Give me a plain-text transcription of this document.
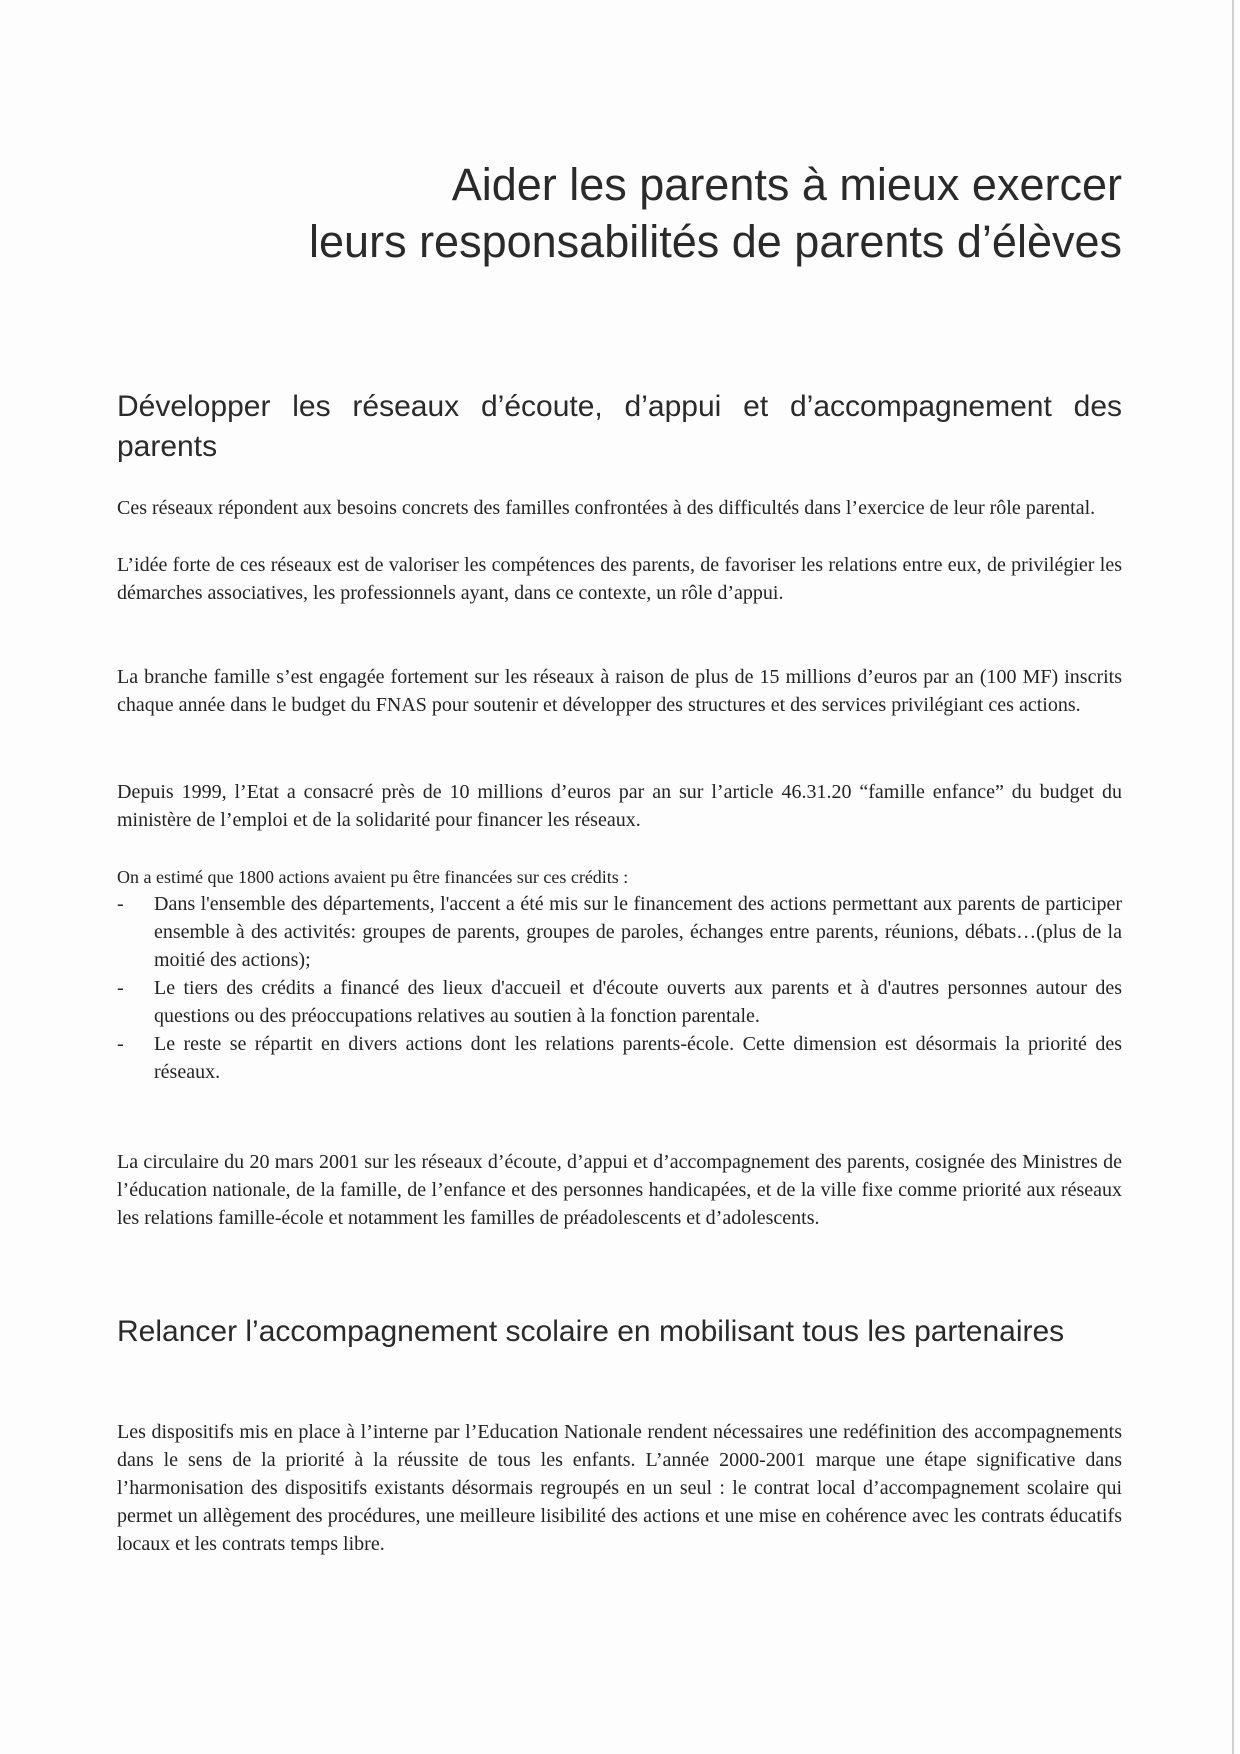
Aider les parents à mieux exercer
leurs responsabilités de parents d’élèves
Développer les réseaux d’écoute, d’appui et d’accompagnement des parents

Ces réseaux répondent aux besoins concrets des familles confrontées à des difficultés dans l’exercice de leur rôle parental.

L’idée forte de ces réseaux est de valoriser les compétences des parents, de favoriser les relations entre eux, de privilégier les démarches associatives, les professionnels ayant, dans ce contexte, un rôle d’appui.

La branche famille s’est engagée fortement sur les réseaux à raison de plus de 15 millions d’euros par an (100 MF) inscrits chaque année dans le budget du FNAS pour soutenir et développer des structures et des services privilégiant ces actions.

Depuis 1999, l’Etat a consacré près de 10 millions d’euros par an sur l’article 46.31.20 “famille enfance” du budget du ministère de l’emploi et de la solidarité pour financer les réseaux.

On a estimé que 1800 actions avaient pu être financées sur ces crédits :

- Dans l'ensemble des départements, l'accent a été mis sur le financement des actions permettant aux parents de participer ensemble à des activités: groupes de parents, groupes de paroles, échanges entre parents, réunions, débats…(plus de la moitié des actions);
- Le tiers des crédits a financé des lieux d'accueil et d'écoute ouverts aux parents et à d'autres personnes autour des questions ou des préoccupations relatives au soutien à la fonction parentale.
- Le reste se répartit en divers actions dont les relations parents-école. Cette dimension est désormais la priorité des réseaux.

La circulaire du 20 mars 2001 sur les réseaux d’écoute, d’appui et d’accompagnement des parents, cosignée des Ministres de l’éducation nationale, de la famille, de l’enfance et des personnes handicapées, et de la ville fixe comme priorité aux réseaux les relations famille-école et notamment les familles de préadolescents et d’adolescents.

Relancer l’accompagnement scolaire en mobilisant tous les partenaires

Les dispositifs mis en place à l’interne par l’Education Nationale rendent nécessaires une redéfinition des accompagnements dans le sens de la priorité à la réussite de tous les enfants. L’année 2000-2001 marque une étape significative dans l’harmonisation des dispositifs existants désormais regroupés en un seul : le contrat local d’accompagnement scolaire qui permet un allègement des procédures, une meilleure lisibilité des actions et une mise en cohérence avec les contrats éducatifs locaux et les contrats temps libre.
